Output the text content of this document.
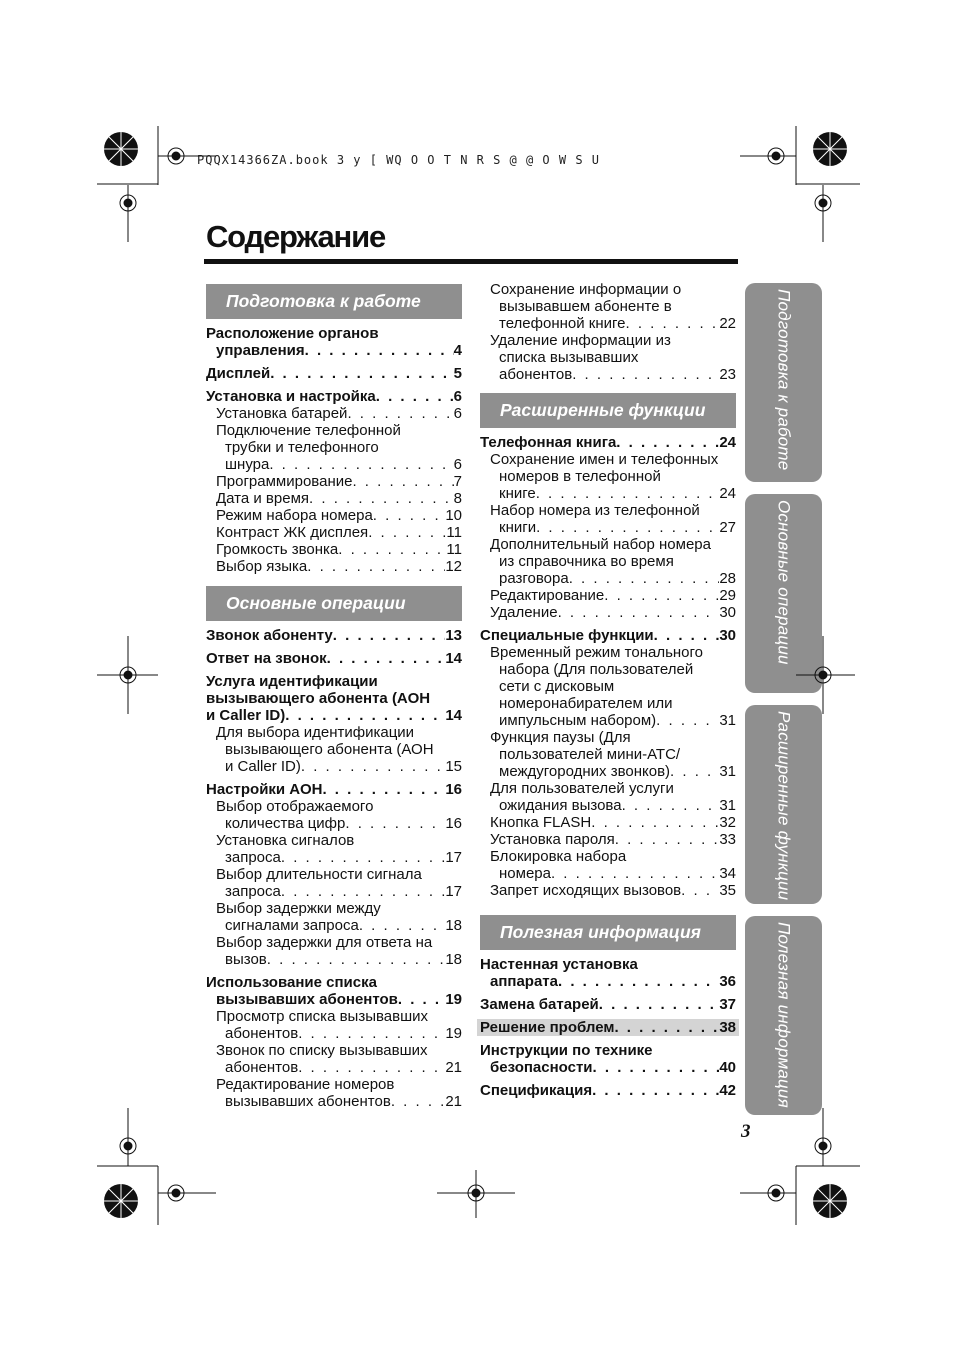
PQQX14366ZA.book 3 y [ WQ O O T N R S @ @ O W S U
Содержание
Подготовка к работе
Расположение органов
управления . . .	4
Дисплей . . .	5
Установка и настройка . . .	6
Установка батарей . . .	6
Подключение телефонной
трубки и телефонного
шнура . . .	6
Программирование . . .	7
Дата и время . . .	8
Режим набора номера . . .	10
Контраст ЖК дисплея . . .	11
Громкость звонка . . .	11
Выбор языка . . .	12
Основные операции
Звонок абоненту . . .	13
Ответ на звонок . . .	14
Услуга идентификации
вызывающего абонента (АОН
и Caller ID) . . .	14
Для выбора идентификации
вызывающего абонента (АОН
и Caller ID) . . .	15
Настройки АОН . . .	16
Выбор отображаемого
количества цифр . . .	16
Установка сигналов
запроса . . .	17
Выбор длительности сигнала
запроса . . .	17
Выбор задержки между
сигналами запроса . . .	18
Выбор задержки для ответа на
вызов . . .	18
Использование списка
вызывавших абонентов . . .	19
Просмотр списка вызывавших
абонентов . . .	19
Звонок по списку вызывавших
абонентов . . .	21
Редактирование номеров
вызывавших абонентов . . .	21
Сохранение информации о
вызывавшем абоненте в
телефонной книге . . .	22
Удаление информации из
списка вызывавших
абонентов . . .	23
Расширенные функции
Телефонная книга . . .	24
Сохранение имен и телефонных
номеров в телефонной
книге . . .	24
Набор номера из телефонной
книги . . .	27
Дополнительный набор номера
из справочника во время
разговора . . .	28
Редактирование . . .	29
Удаление . . .	30
Специальные функции . . .	30
Временный режим тонального
набора (Для пользователей
сети с дисковым
номеронабирателем или
импульсным набором) . . .	31
Функция паузы (Для
пользователей мини-АТС/
междугородних звонков) . . .	31
Для пользователей услуги
ожидания вызова . . .	31
Кнопка FLASH . . .	32
Установка пароля . . .	33
Блокировка набора
номера . . .	34
Запрет исходящих вызовов . . .	35
Полезная информация
Настенная установка
аппарата . . .	36
Замена батарей . . .	37
Решение проблем . . .	38
Инструкции по технике
безопасности . . .	40
Спецификация . . .	42
Подготовка к работе
Основные операции
Расширенные функции
Полезная информация
3
